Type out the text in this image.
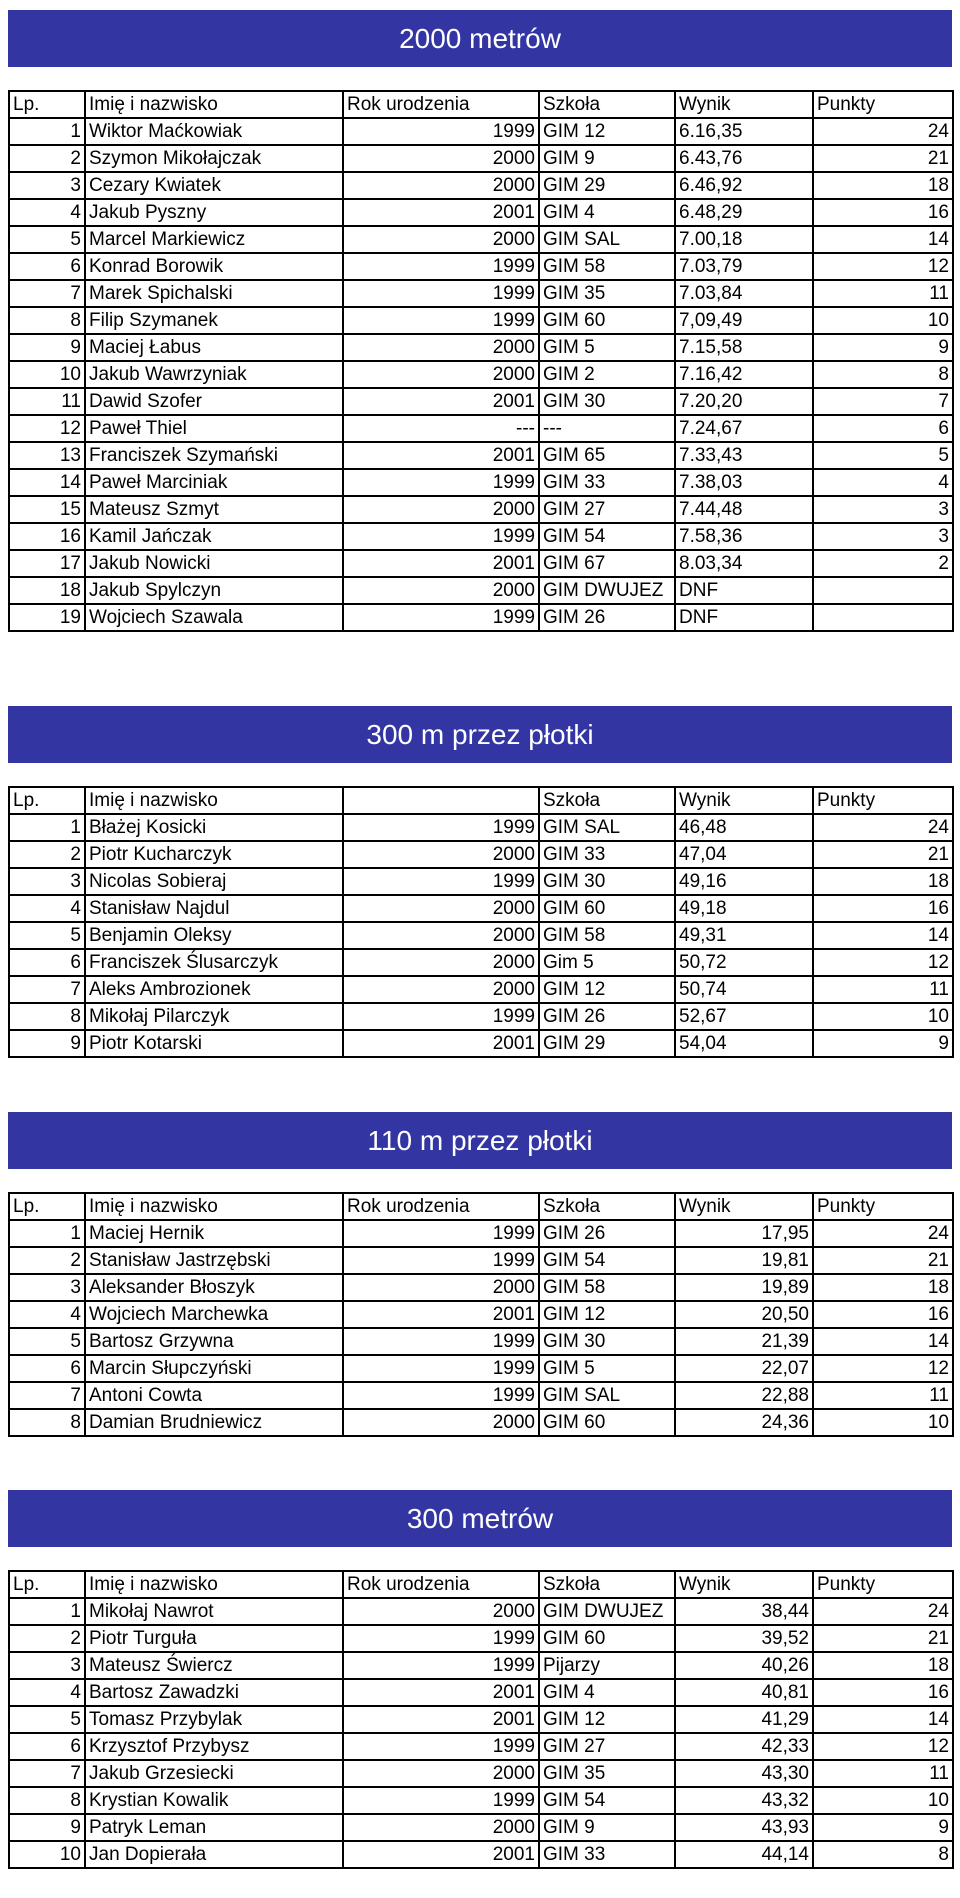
2000 metrów
Lp.	Imię i nazwisko	Rok urodzenia	Szkoła	Wynik	Punkty
1	Wiktor Maćkowiak	1999	GIM 12	6.16,35	24
2	Szymon Mikołajczak	2000	GIM 9	6.43,76	21
3	Cezary Kwiatek	2000	GIM 29	6.46,92	18
4	Jakub Pyszny	2001	GIM 4	6.48,29	16
5	Marcel Markiewicz	2000	GIM SAL	7.00,18	14
6	Konrad Borowik	1999	GIM 58	7.03,79	12
7	Marek Spichalski	1999	GIM 35	7.03,84	11
8	Filip Szymanek	1999	GIM 60	7,09,49	10
9	Maciej Łabus	2000	GIM 5	7.15,58	9
10	Jakub Wawrzyniak	2000	GIM 2	7.16,42	8
11	Dawid Szofer	2001	GIM 30	7.20,20	7
12	Paweł Thiel	---	---	7.24,67	6
13	Franciszek Szymański	2001	GIM 65	7.33,43	5
14	Paweł Marciniak	1999	GIM 33	7.38,03	4
15	Mateusz Szmyt	2000	GIM 27	7.44,48	3
16	Kamil Jańczak	1999	GIM 54	7.58,36	3
17	Jakub Nowicki	2001	GIM 67	8.03,34	2
18	Jakub Spylczyn	2000	GIM DWUJEZ	DNF	
19	Wojciech Szawala	1999	GIM 26	DNF	
300 m przez płotki
Lp.	Imię i nazwisko		Szkoła	Wynik	Punkty
1	Błażej Kosicki	1999	GIM SAL	46,48	24
2	Piotr Kucharczyk	2000	GIM 33	47,04	21
3	Nicolas Sobieraj	1999	GIM 30	49,16	18
4	Stanisław Najdul	2000	GIM 60	49,18	16
5	Benjamin Oleksy	2000	GIM 58	49,31	14
6	Franciszek Ślusarczyk	2000	Gim 5	50,72	12
7	Aleks Ambrozionek	2000	GIM 12	50,74	11
8	Mikołaj Pilarczyk	1999	GIM 26	52,67	10
9	Piotr Kotarski	2001	GIM 29	54,04	9
110 m przez płotki
Lp.	Imię i nazwisko	Rok urodzenia	Szkoła	Wynik	Punkty
1	Maciej Hernik	1999	GIM 26	17,95	24
2	Stanisław Jastrzębski	1999	GIM 54	19,81	21
3	Aleksander Błoszyk	2000	GIM 58	19,89	18
4	Wojciech Marchewka	2001	GIM 12	20,50	16
5	Bartosz Grzywna	1999	GIM 30	21,39	14
6	Marcin Słupczyński	1999	GIM 5	22,07	12
7	Antoni Cowta	1999	GIM SAL	22,88	11
8	Damian Brudniewicz	2000	GIM 60	24,36	10
300 metrów
Lp.	Imię i nazwisko	Rok urodzenia	Szkoła	Wynik	Punkty
1	Mikołaj Nawrot	2000	GIM DWUJEZ	38,44	24
2	Piotr Turguła	1999	GIM 60	39,52	21
3	Mateusz Świercz	1999	Pijarzy	40,26	18
4	Bartosz Zawadzki	2001	GIM 4	40,81	16
5	Tomasz Przybylak	2001	GIM 12	41,29	14
6	Krzysztof Przybysz	1999	GIM 27	42,33	12
7	Jakub Grzesiecki	2000	GIM 35	43,30	11
8	Krystian Kowalik	1999	GIM 54	43,32	10
9	Patryk Leman	2000	GIM 9	43,93	9
10	Jan Dopierała	2001	GIM 33	44,14	8
